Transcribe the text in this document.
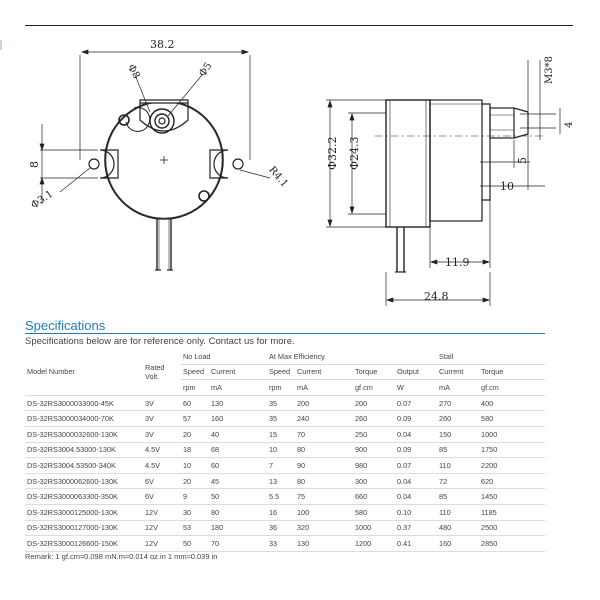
38.2
Φ8	Φ5
8
Φ3.1
R4.1
M3*8
Φ32.2 Φ24.3
4
5
10
11.9
24.8
Specifications
Specifications below are for reference only. Contact us for more.
Model Number	Rated Volt.	No Load		At Max Efficiency				Stall	
		Speed	Current	Speed	Current	Torque	Output	Current	Torque
		rpm	mA	rpm	mA	gf.cm	W	mA	gf.cm
DS-32RS3000033000-45K	3V	60	130	35	200	200	0.07	270	400
DS-32RS3000034000-70K	3V	57	160	35	240	260	0.09	260	580
DS-32RS3000032600-130K	3V	20	40	15	70	250	0.04	150	1000
DS-32RS3004.53000-130K	4.5V	18	68	10	80	900	0.09	85	1750
DS-32RS3004.53500-340K	4.5V	10	60	7	90	980	0.07	110	2200
DS-32RS3000062600-130K	6V	20	45	13	80	300	0.04	72	620
DS-32RS3000063300-350K	6V	9	50	5.5	75	660	0.04	85	1450
DS-32RS3000125000-130K	12V	30	80	16	100	580	0.10	110	1185
DS-32RS3000127000-130K	12V	53	180	36	320	1000	0.37	480	2500
DS-32RS3000126600-150K	12V	50	70	33	130	1200	0.41	160	2850
Remark: 1 gf.cm≈0.098 mN.m≈0.014 oz.in 1 mm≈0.039 in
